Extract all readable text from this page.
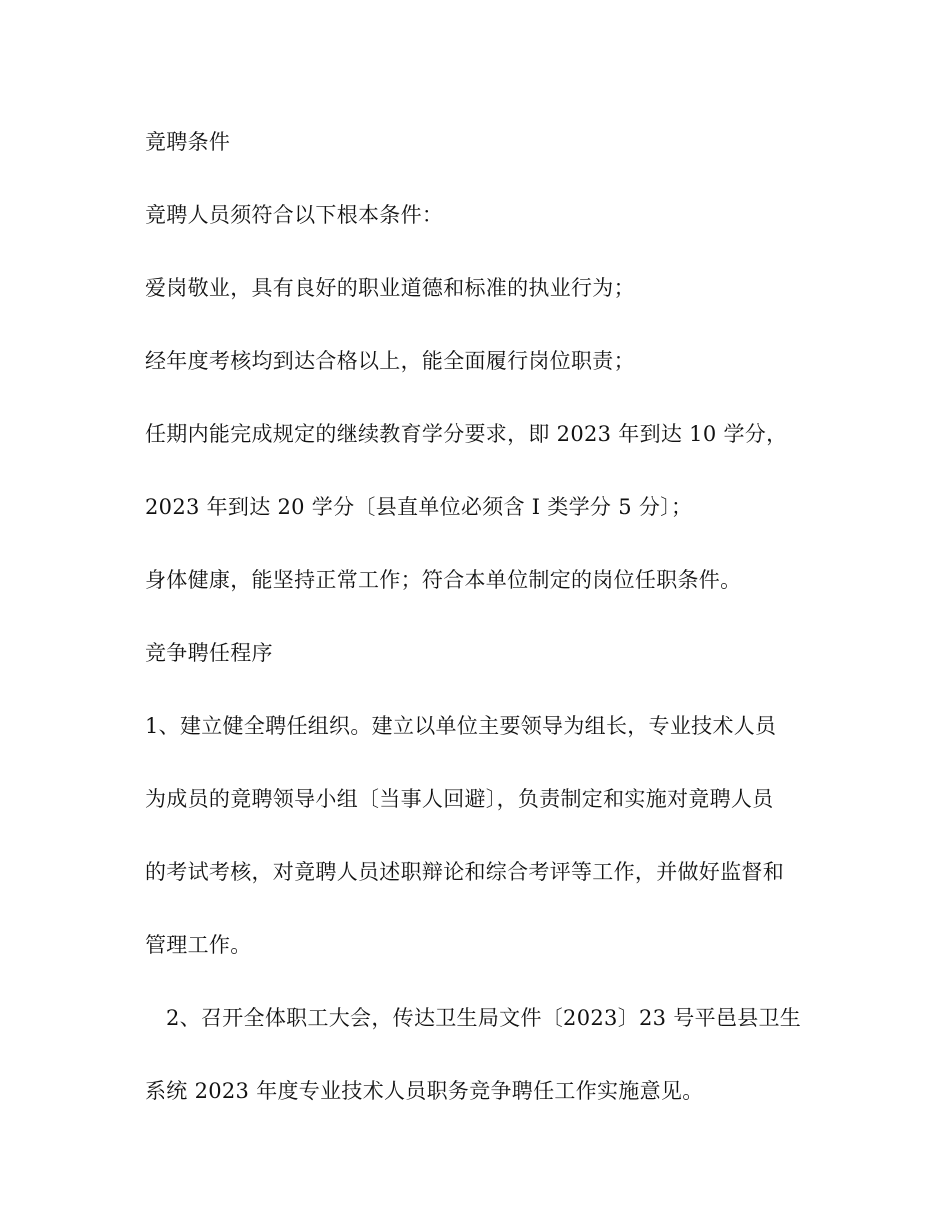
竟聘条件

竟聘人员须符合以下根本条件：

爱岗敬业，具有良好的职业道德和标准的执业行为；

经年度考核均到达合格以上，能全面履行岗位职责；

任期内能完成规定的继续教育学分要求，即 2023 年到达 10 学分，

2023 年到达 20 学分〔县直单位必须含 I 类学分 5 分〕；

身体健康，能坚持正常工作；符合本单位制定的岗位任职条件。

竞争聘任程序

1、建立健全聘任组织。建立以单位主要领导为组长，专业技术人员

为成员的竟聘领导小组〔当事人回避〕，负责制定和实施对竟聘人员

的考试考核，对竟聘人员述职辩论和综合考评等工作，并做好监督和

管理工作。

2、召开全体职工大会，传达卫生局文件〔2023〕23 号平邑县卫生

系统 2023 年度专业技术人员职务竞争聘任工作实施意见。
